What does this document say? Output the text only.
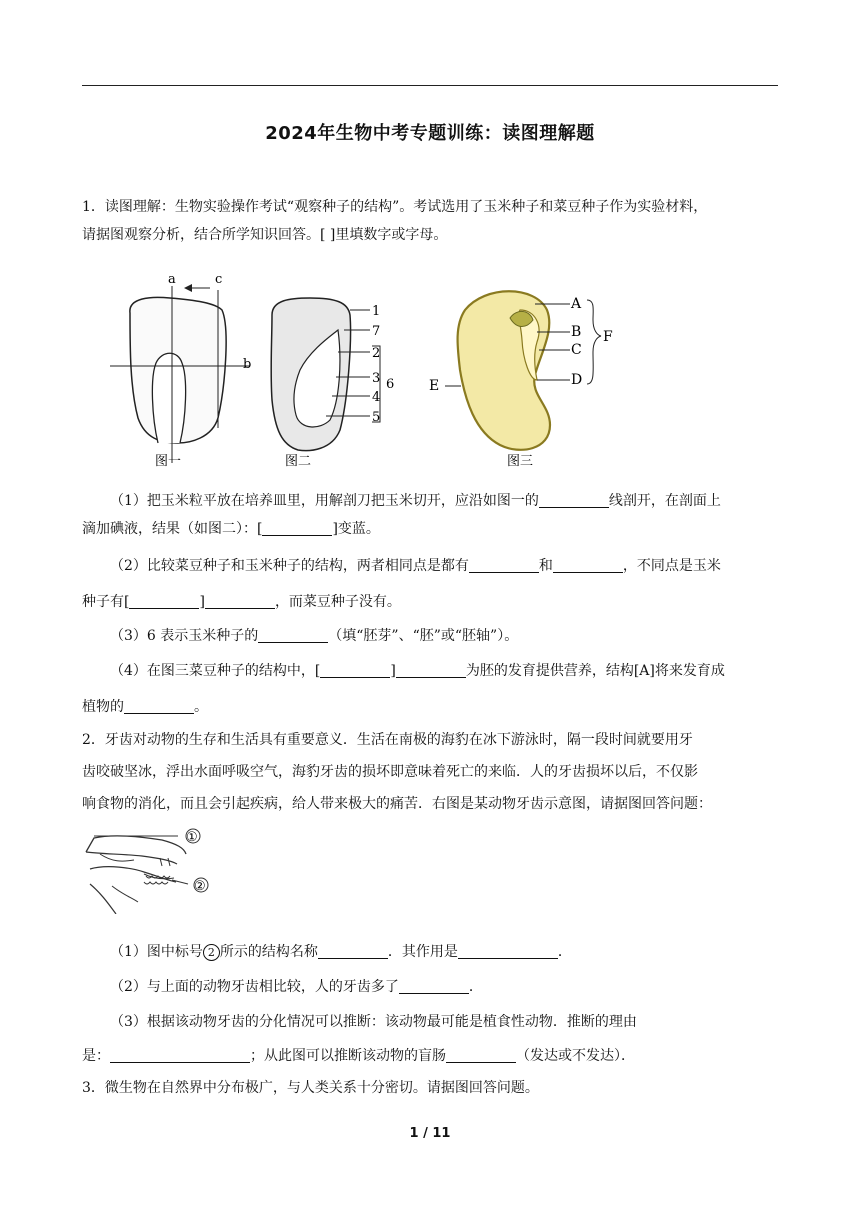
2024年生物中考专题训练：读图理解题
1．读图理解：生物实验操作考试“观察种子的结构”。考试选用了玉米种子和菜豆种子作为实验材料，
请据图观察分析，结合所学知识回答。[ ]里填数字或字母。
a	c
b
图一
1
7
2
3
4
5
6
图二
A
B
C
D
E
F
图三
（1）把玉米粒平放在培养皿里，用解剖刀把玉米切开，应沿如图一的	线剖开，在剖面上
滴加碘液，结果（如图二）：[	]变蓝。
（2）比较菜豆种子和玉米种子的结构，两者相同点是都有	和	，不同点是玉米
种子有[	]	，而菜豆种子没有。
（3）6 表示玉米种子的	（填“胚芽”、“胚”或“胚轴”）。
（4）在图三菜豆种子的结构中，[	]	为胚的发育提供营养，结构[A]将来发育成
植物的	。
2．牙齿对动物的生存和生活具有重要意义．生活在南极的海豹在冰下游泳时，隔一段时间就要用牙
齿咬破坚冰，浮出水面呼吸空气，海豹牙齿的损坏即意味着死亡的来临．人的牙齿损坏以后，不仅影
响食物的消化，而且会引起疾病，给人带来极大的痛苦．右图是某动物牙齿示意图，请据图回答问题：
①
②
（1）图中标号 2 所示的结构名称	．其作用是	．
（2）与上面的动物牙齿相比较，人的牙齿多了	．
（3）根据该动物牙齿的分化情况可以推断：该动物最可能是植食性动物．推断的理由
是：	；从此图可以推断该动物的盲肠	（发达或不发达）．
3．微生物在自然界中分布极广，与人类关系十分密切。请据图回答问题。
1 / 11
